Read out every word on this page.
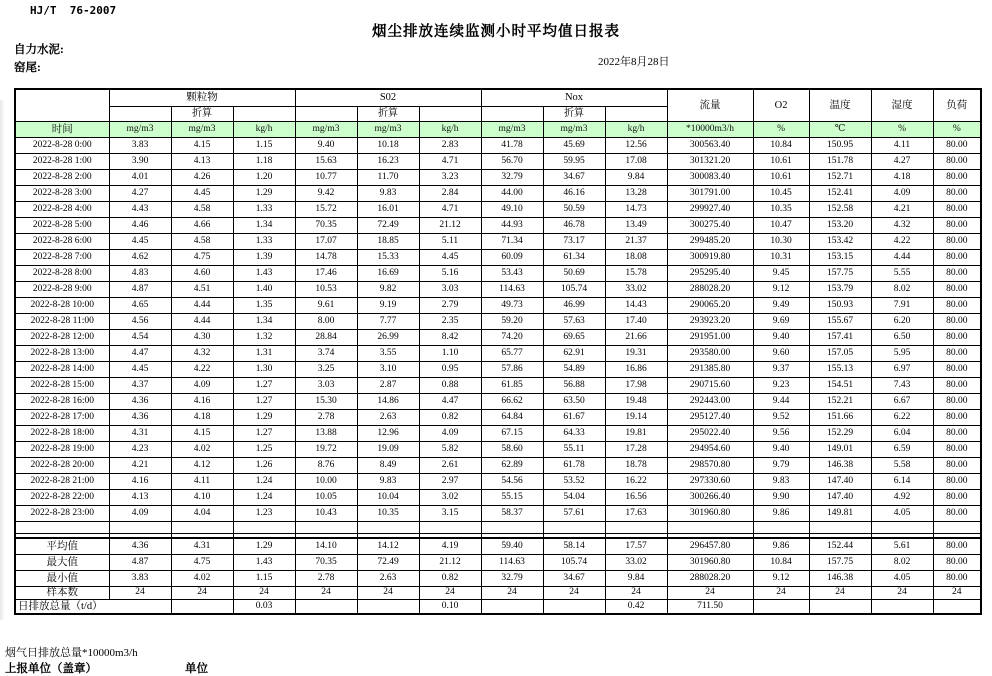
HJ/T  76-2007
烟尘排放连续监测小时平均值日报表
自力水泥:
窑尾:	2022年8月28日
	颗粒物			S02			Nox			流量	O2	温度	湿度	负荷
		折算			折算			折算						
时间	mg/m3	mg/m3	kg/h	mg/m3	mg/m3	kg/h	mg/m3	mg/m3	kg/h	*10000m3/h	%	℃	%	%
2022-8-28 0:00	3.83	4.15	1.15	9.40	10.18	2.83	41.78	45.69	12.56	300563.40	10.84	150.95	4.11	80.00
2022-8-28 1:00	3.90	4.13	1.18	15.63	16.23	4.71	56.70	59.95	17.08	301321.20	10.61	151.78	4.27	80.00
2022-8-28 2:00	4.01	4.26	1.20	10.77	11.70	3.23	32.79	34.67	9.84	300083.40	10.61	152.71	4.18	80.00
2022-8-28 3:00	4.27	4.45	1.29	9.42	9.83	2.84	44.00	46.16	13.28	301791.00	10.45	152.41	4.09	80.00
2022-8-28 4:00	4.43	4.58	1.33	15.72	16.01	4.71	49.10	50.59	14.73	299927.40	10.35	152.58	4.21	80.00
2022-8-28 5:00	4.46	4.66	1.34	70.35	72.49	21.12	44.93	46.78	13.49	300275.40	10.47	153.20	4.32	80.00
2022-8-28 6:00	4.45	4.58	1.33	17.07	18.85	5.11	71.34	73.17	21.37	299485.20	10.30	153.42	4.22	80.00
2022-8-28 7:00	4.62	4.75	1.39	14.78	15.33	4.45	60.09	61.34	18.08	300919.80	10.31	153.15	4.44	80.00
2022-8-28 8:00	4.83	4.60	1.43	17.46	16.69	5.16	53.43	50.69	15.78	295295.40	9.45	157.75	5.55	80.00
2022-8-28 9:00	4.87	4.51	1.40	10.53	9.82	3.03	114.63	105.74	33.02	288028.20	9.12	153.79	8.02	80.00
2022-8-28 10:00	4.65	4.44	1.35	9.61	9.19	2.79	49.73	46.99	14.43	290065.20	9.49	150.93	7.91	80.00
2022-8-28 11:00	4.56	4.44	1.34	8.00	7.77	2.35	59.20	57.63	17.40	293923.20	9.69	155.67	6.20	80.00
2022-8-28 12:00	4.54	4.30	1.32	28.84	26.99	8.42	74.20	69.65	21.66	291951.00	9.40	157.41	6.50	80.00
2022-8-28 13:00	4.47	4.32	1.31	3.74	3.55	1.10	65.77	62.91	19.31	293580.00	9.60	157.05	5.95	80.00
2022-8-28 14:00	4.45	4.22	1.30	3.25	3.10	0.95	57.86	54.89	16.86	291385.80	9.37	155.13	6.97	80.00
2022-8-28 15:00	4.37	4.09	1.27	3.03	2.87	0.88	61.85	56.88	17.98	290715.60	9.23	154.51	7.43	80.00
2022-8-28 16:00	4.36	4.16	1.27	15.30	14.86	4.47	66.62	63.50	19.48	292443.00	9.44	152.21	6.67	80.00
2022-8-28 17:00	4.36	4.18	1.29	2.78	2.63	0.82	64.84	61.67	19.14	295127.40	9.52	151.66	6.22	80.00
2022-8-28 18:00	4.31	4.15	1.27	13.88	12.96	4.09	67.15	64.33	19.81	295022.40	9.56	152.29	6.04	80.00
2022-8-28 19:00	4.23	4.02	1.25	19.72	19.09	5.82	58.60	55.11	17.28	294954.60	9.40	149.01	6.59	80.00
2022-8-28 20:00	4.21	4.12	1.26	8.76	8.49	2.61	62.89	61.78	18.78	298570.80	9.79	146.38	5.58	80.00
2022-8-28 21:00	4.16	4.11	1.24	10.00	9.83	2.97	54.56	53.52	16.22	297330.60	9.83	147.40	6.14	80.00
2022-8-28 22:00	4.13	4.10	1.24	10.05	10.04	3.02	55.15	54.04	16.56	300266.40	9.90	147.40	4.92	80.00
2022-8-28 23:00	4.09	4.04	1.23	10.43	10.35	3.15	58.37	57.61	17.63	301960.80	9.86	149.81	4.05	80.00

平均值	4.36	4.31	1.29	14.10	14.12	4.19	59.40	58.14	17.57	296457.80	9.86	152.44	5.61	80.00
最大值	4.87	4.75	1.43	70.35	72.49	21.12	114.63	105.74	33.02	301960.80	10.84	157.75	8.02	80.00
最小值	3.83	4.02	1.15	2.78	2.63	0.82	32.79	34.67	9.84	288028.20	9.12	146.38	4.05	80.00
样本数	24	24	24	24	24	24	24	24	24	24	24	24	24	24
日排放总量（t/d）			0.03			0.10			0.42	711.50				
烟气日排放总量*10000m3/h
上报单位（盖章）	单位
